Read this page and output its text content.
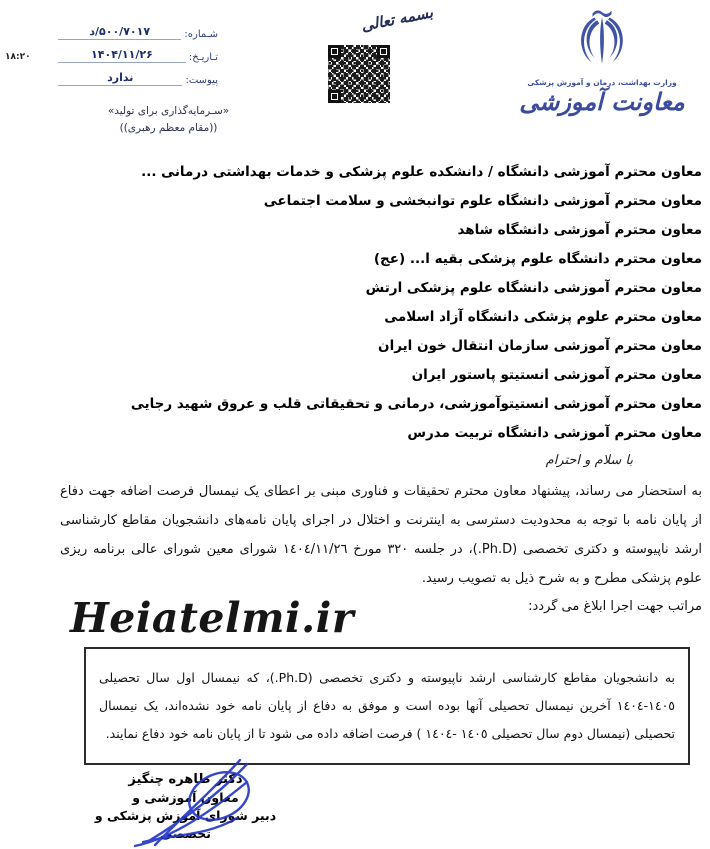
وزارت بهداشت، درمان و آموزش پزشکی
معاونت آموزشی
بسمه تعالی
شـماره:
۵۰۰/۷۰۱۷/د
تـاریـخ:
۱۴۰۴/۱۱/۲۶
پیوست:
ندارد
۱۸:۲۰
«سـرمایه‌گذاری برای تولید»
((مقام معظم رهبری))
معاون محترم آموزشی دانشگاه / دانشکده علوم پزشکی و خدمات بهداشتی درمانی ...
معاون محترم آموزشی دانشگاه علوم توانبخشی و سلامت اجتماعی
معاون محترم آموزشی دانشگاه شاهد
معاون محترم دانشگاه علوم پزشکی بقیه ا... (عج)
معاون محترم آموزشی دانشگاه علوم پزشکی ارتش
معاون محترم علوم پزشکی دانشگاه آزاد اسلامی
معاون محترم آموزشی سازمان انتقال خون ایران
معاون محترم آموزشی انستیتو پاستور ایران
معاون محترم آموزشی انستیتوآموزشی، درمانی و تحقیقاتی قلب و عروق شهید رجایی
معاون محترم آموزشی دانشگاه تربیت مدرس
با سلام و احترام
به استحضار می رساند، پیشنهاد معاون محترم تحقیقات و فناوری مبنی بر اعطای یک نیمسال فرصت اضافه جهت دفاع از پایان نامه با توجه به محدودیت دسترسی به اینترنت و اختلال در اجرای پایان نامه‌های دانشجویان مقاطع کارشناسی ارشد ناپیوسته و دکتری تخصصی (Ph.D.)، در جلسه ۳۲۰ مورخ ١٤٠٤/١١/٢٦ شورای معین شورای عالی برنامه ریزی علوم پزشکی مطرح و به شرح ذیل به تصویب رسید.
مراتب جهت اجرا ابلاغ می گردد:
Heiatelmi.ir

به دانشجویان مقاطع کارشناسی ارشد ناپیوسته و دکتری تخصصی (Ph.D.)، که نیمسال اول سال تحصیلی ١٤٠٥-١٤٠٤ آخرین نیمسال تحصیلی آنها بوده است و موفق به دفاع از پایان نامه خود نشده‌اند، یک نیمسال تحصیلی (نیمسال دوم سال تحصیلی ١٤٠٥ -١٤٠٤ ) فرصت اضافه داده می شود تا از پایان نامه خود دفاع نمایند.

دکتر طاهره چنگیز
معاون آموزشی و
دبیر شورای آموزش پزشکی و تخصصی
